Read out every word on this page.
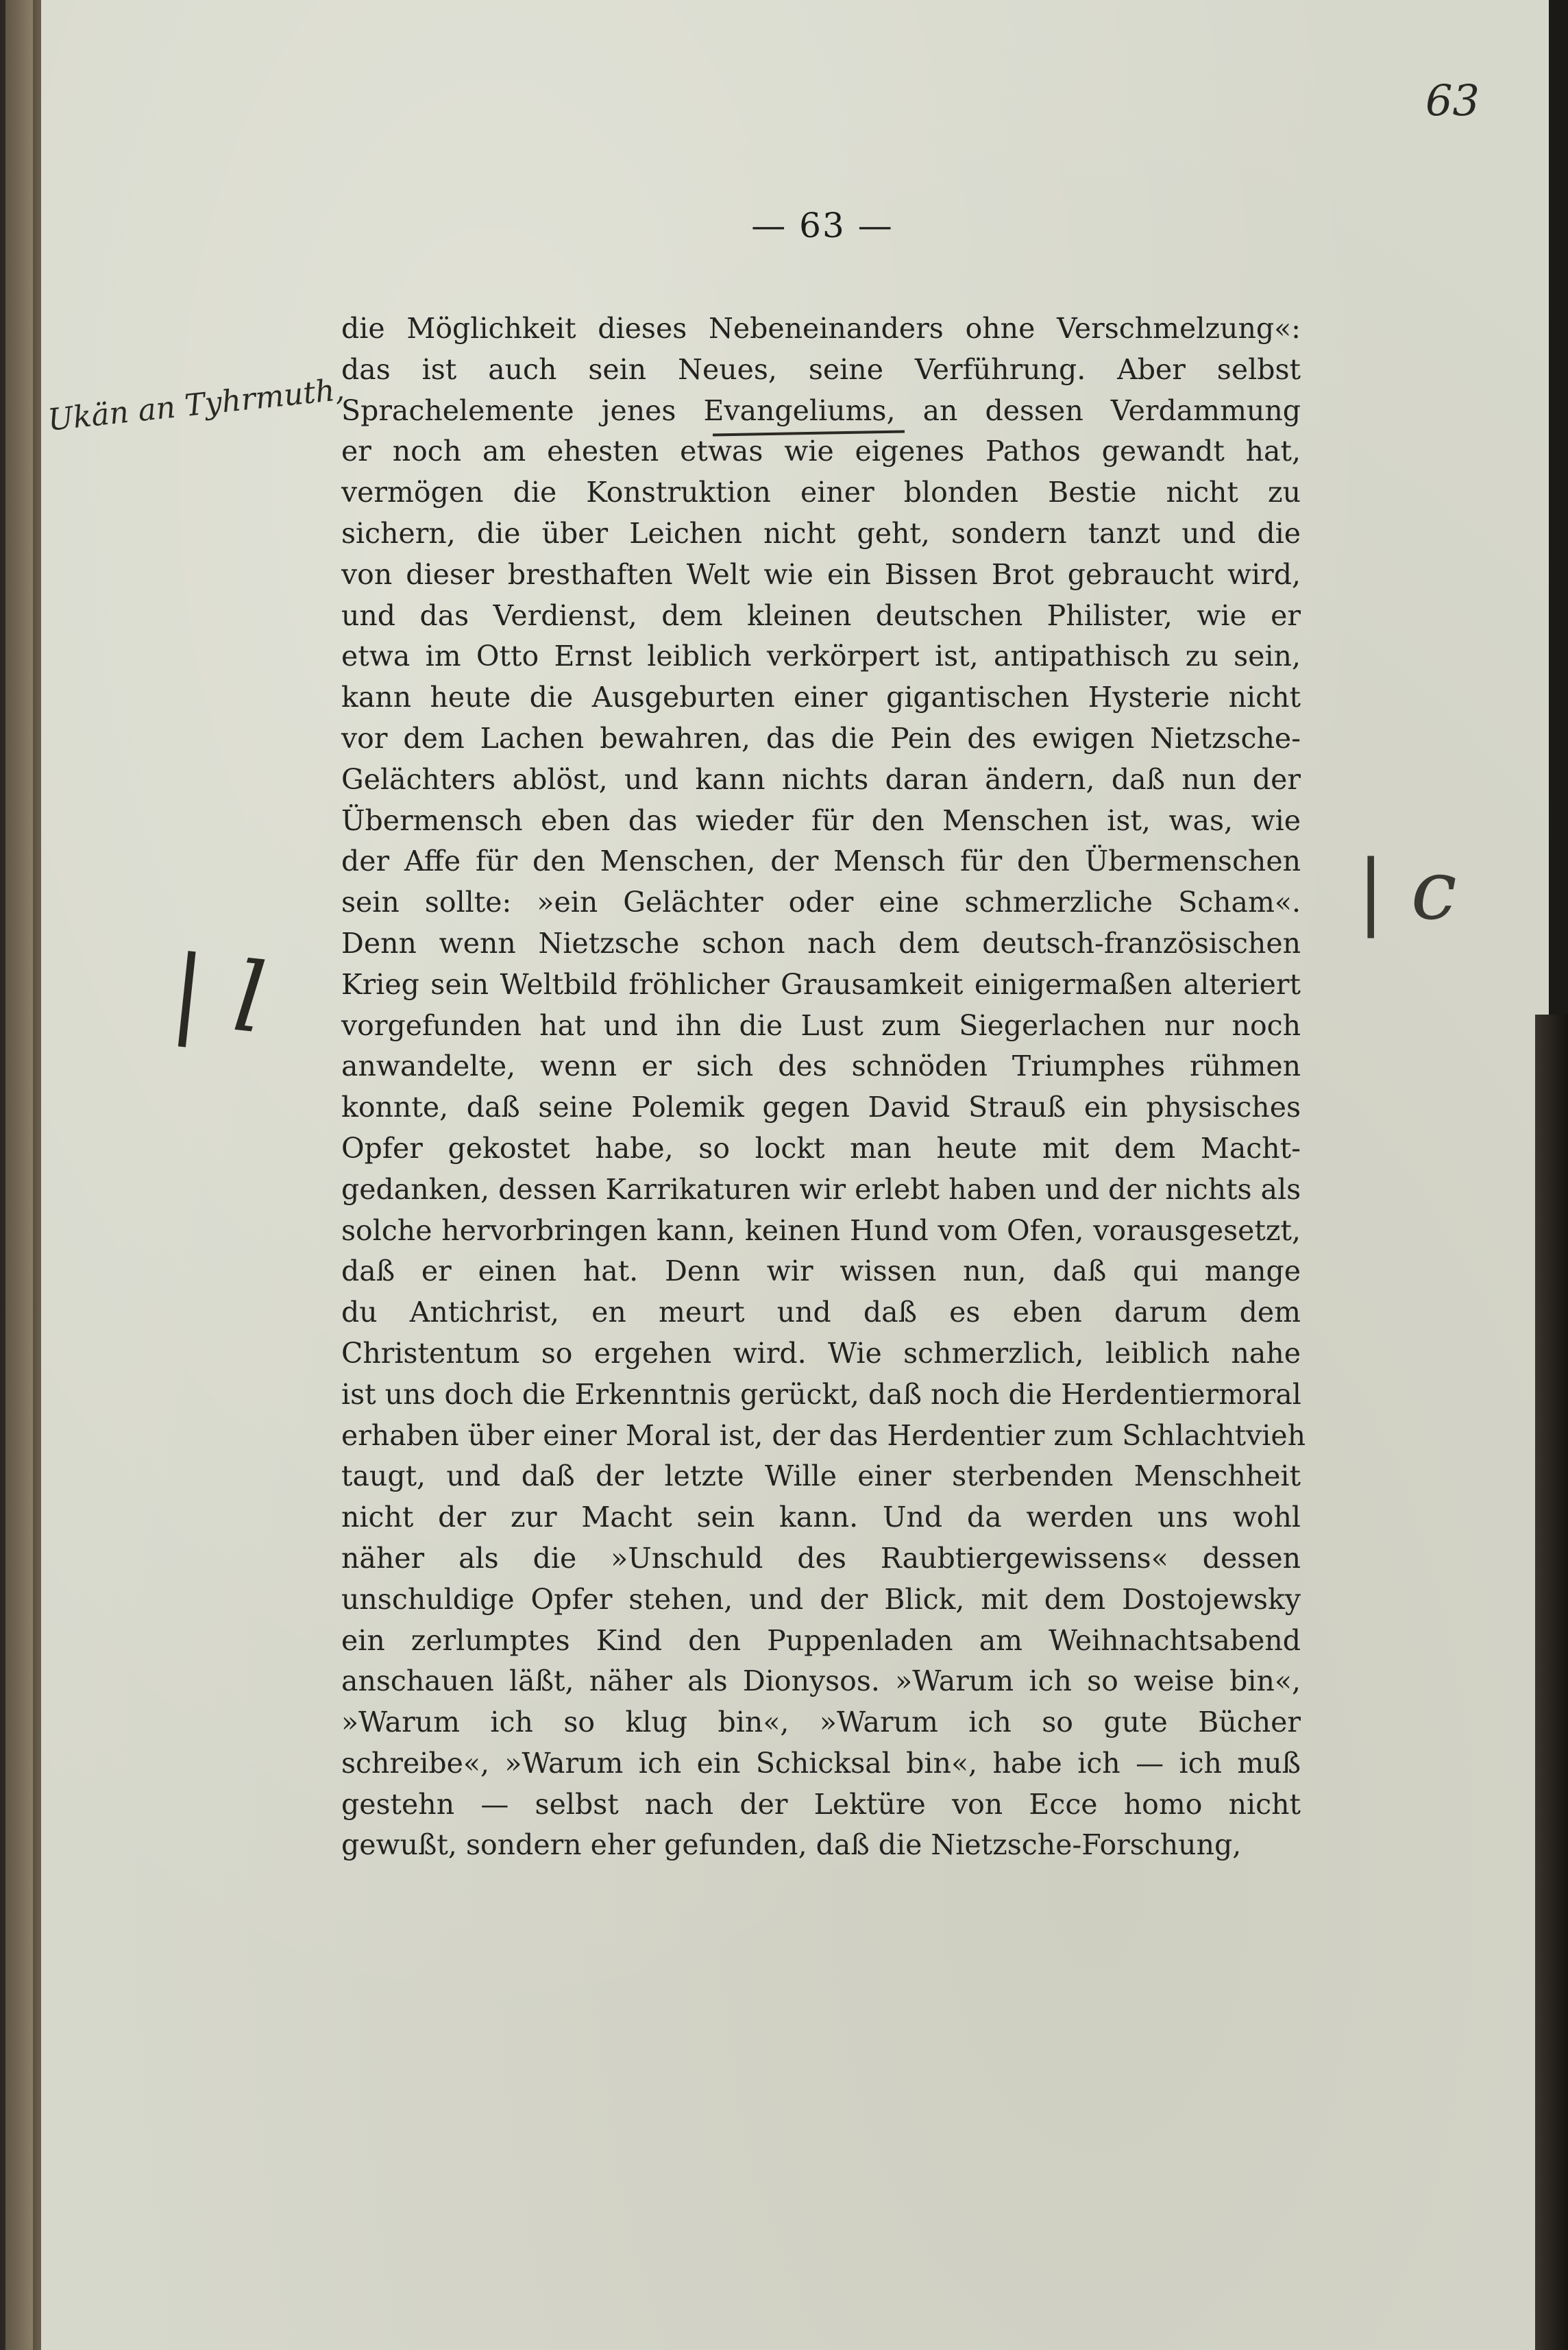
63
— 63 —
Ukän an Tyhrmuth,
| l
| c
die Möglichkeit dieses Nebeneinanders ohne Verschmelzung«:
das ist auch sein Neues, seine Verführung. Aber selbst
Sprachelemente jenes Evangeliums, an dessen Verdammung
er noch am ehesten etwas wie eigenes Pathos gewandt hat,
vermögen die Konstruktion einer blonden Bestie nicht zu
sichern, die über Leichen nicht geht, sondern tanzt und die
von dieser bresthaften Welt wie ein Bissen Brot gebraucht wird,
und das Verdienst, dem kleinen deutschen Philister, wie er
etwa im Otto Ernst leiblich verkörpert ist, antipathisch zu sein,
kann heute die Ausgeburten einer gigantischen Hysterie nicht
vor dem Lachen bewahren, das die Pein des ewigen Nietzsche-
Gelächters ablöst, und kann nichts daran ändern, daß nun der
Übermensch eben das wieder für den Menschen ist, was, wie
der Affe für den Menschen, der Mensch für den Übermenschen
sein sollte: »ein Gelächter oder eine schmerzliche Scham«.
Denn wenn Nietzsche schon nach dem deutsch-französischen
Krieg sein Weltbild fröhlicher Grausamkeit einigermaßen alteriert
vorgefunden hat und ihn die Lust zum Siegerlachen nur noch
anwandelte, wenn er sich des schnöden Triumphes rühmen
konnte, daß seine Polemik gegen David Strauß ein physisches
Opfer gekostet habe, so lockt man heute mit dem Macht-
gedanken, dessen Karrikaturen wir erlebt haben und der nichts als
solche hervorbringen kann, keinen Hund vom Ofen, vorausgesetzt,
daß er einen hat. Denn wir wissen nun, daß qui mange
du Antichrist, en meurt und daß es eben darum dem
Christentum so ergehen wird. Wie schmerzlich, leiblich nahe
ist uns doch die Erkenntnis gerückt, daß noch die Herdentiermoral
erhaben über einer Moral ist, der das Herdentier zum Schlachtvieh
taugt, und daß der letzte Wille einer sterbenden Menschheit
nicht der zur Macht sein kann. Und da werden uns wohl
näher als die »Unschuld des Raubtiergewissens« dessen
unschuldige Opfer stehen, und der Blick, mit dem Dostojewsky
ein zerlumptes Kind den Puppenladen am Weihnachtsabend
anschauen läßt, näher als Dionysos. »Warum ich so weise bin«,
»Warum ich so klug bin«, »Warum ich so gute Bücher
schreibe«, »Warum ich ein Schicksal bin«, habe ich — ich muß
gestehn — selbst nach der Lektüre von Ecce homo nicht
gewußt, sondern eher gefunden, daß die Nietzsche-Forschung,
